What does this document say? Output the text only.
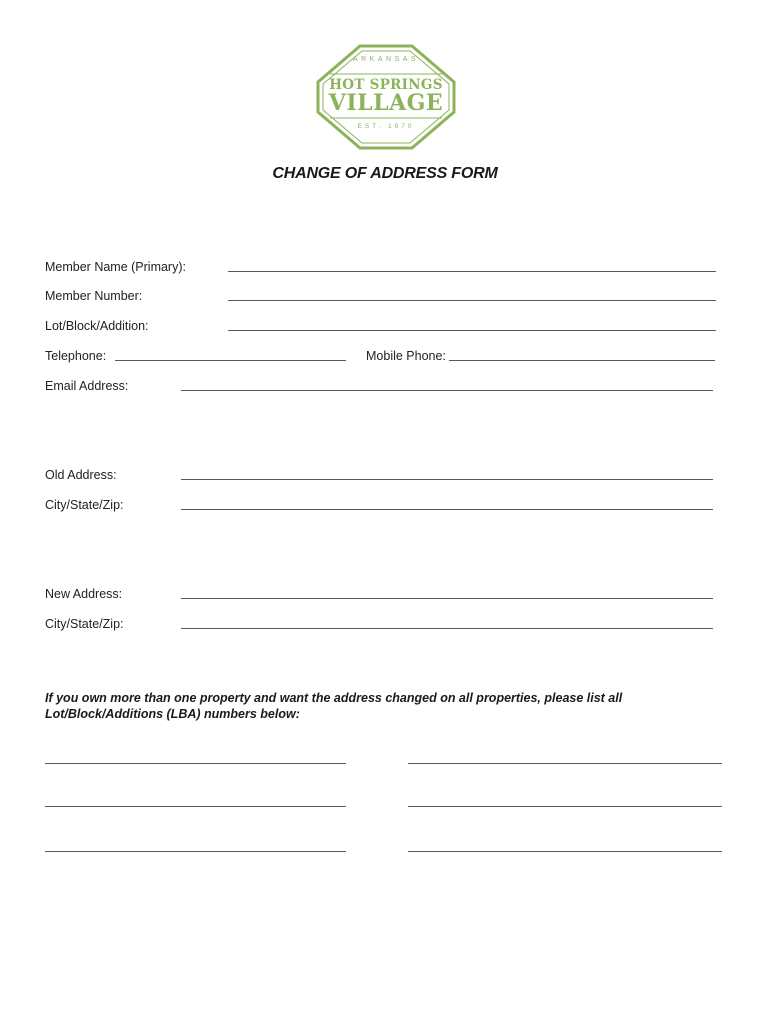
ARKANSAS
HOT SPRINGS
VILLAGE
EST. 1970
CHANGE OF ADDRESS FORM
Member Name (Primary):
Member Number:
Lot/Block/Addition:
Telephone:	Mobile Phone:
Email Address:
Old Address:
City/State/Zip:
New Address:
City/State/Zip:
If you own more than one property and want the address changed on all properties, please list all
Lot/Block/Additions (LBA) numbers below:
